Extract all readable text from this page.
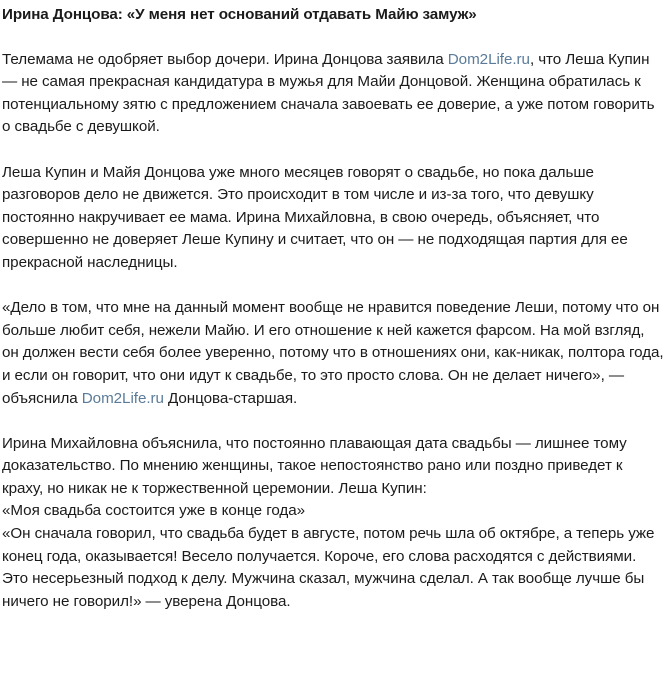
Ирина Донцова: «У меня нет оснований отдавать Майю замуж»

Телемама не одобряет выбор дочери. Ирина Донцова заявила Dom2Life.ru, что Леша Купин — не самая прекрасная кандидатура в мужья для Майи Донцовой. Женщина обратилась к потенциальному зятю с предложением сначала завоевать ее доверие, а уже потом говорить о свадьбе с девушкой.

Леша Купин и Майя Донцова уже много месяцев говорят о свадьбе, но пока дальше разговоров дело не движется. Это происходит в том числе и из-за того, что девушку постоянно накручивает ее мама. Ирина Михайловна, в свою очередь, объясняет, что совершенно не доверяет Леше Купину и считает, что он — не подходящая партия для ее прекрасной наследницы.

«Дело в том, что мне на данный момент вообще не нравится поведение Леши, потому что он больше любит себя, нежели Майю. И его отношение к ней кажется фарсом. На мой взгляд, он должен вести себя более уверенно, потому что в отношениях они, как-никак, полтора года, и если он говорит, что они идут к свадьбе, то это просто слова. Он не делает ничего», — объяснила Dom2Life.ru Донцова-старшая.

Ирина Михайловна объяснила, что постоянно плавающая дата свадьбы — лишнее тому доказательство. По мнению женщины, такое непостоянство рано или поздно приведет к краху, но никак не к торжественной церемонии. Леша Купин:

«Моя свадьба состоится уже в конце года»

«Он сначала говорил, что свадьба будет в августе, потом речь шла об октябре, а теперь уже конец года, оказывается! Весело получается. Короче, его слова расходятся с действиями. Это несерьезный подход к делу. Мужчина сказал, мужчина сделал. А так вообще лучше бы ничего не говорил!» — уверена Донцова.
